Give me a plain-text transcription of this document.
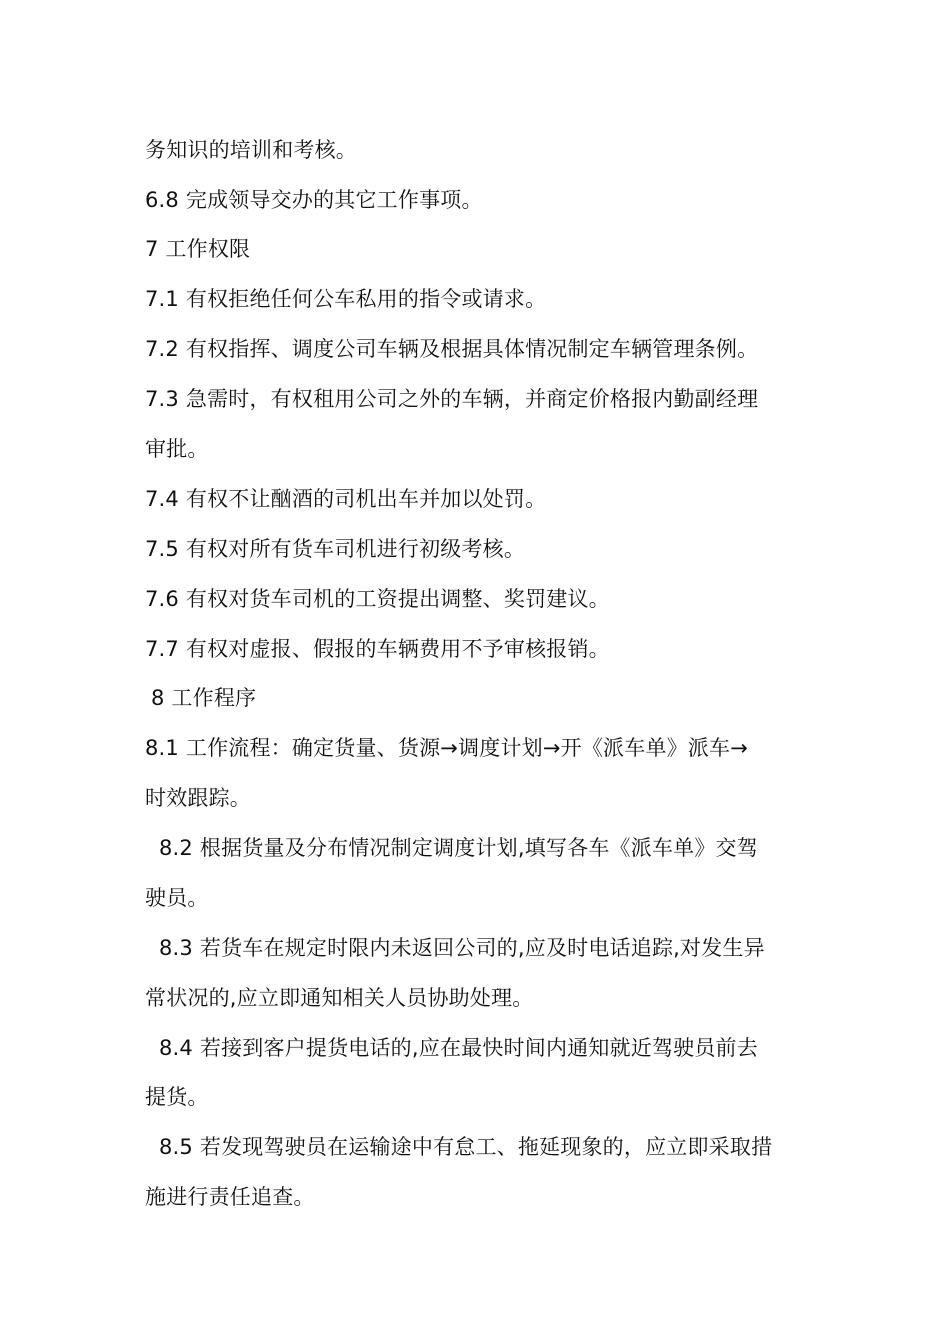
务知识的培训和考核。
6.8 完成领导交办的其它工作事项。
7 工作权限
7.1 有权拒绝任何公车私用的指令或请求。
7.2 有权指挥、调度公司车辆及根据具体情况制定车辆管理条例。
7.3 急需时，有权租用公司之外的车辆，并商定价格报内勤副经理
审批。
7.4 有权不让酗酒的司机出车并加以处罚。
7.5 有权对所有货车司机进行初级考核。
7.6 有权对货车司机的工资提出调整、奖罚建议。
7.7 有权对虚报、假报的车辆费用不予审核报销。
8 工作程序
8.1 工作流程：确定货量、货源→调度计划→开《派车单》派车→
时效跟踪。
8.2 根据货量及分布情况制定调度计划,填写各车《派车单》交驾
驶员。
8.3 若货车在规定时限内未返回公司的,应及时电话追踪,对发生异
常状况的,应立即通知相关人员协助处理。
8.4 若接到客户提货电话的,应在最快时间内通知就近驾驶员前去
提货。
8.5 若发现驾驶员在运输途中有怠工、拖延现象的，应立即采取措
施进行责任追查。
